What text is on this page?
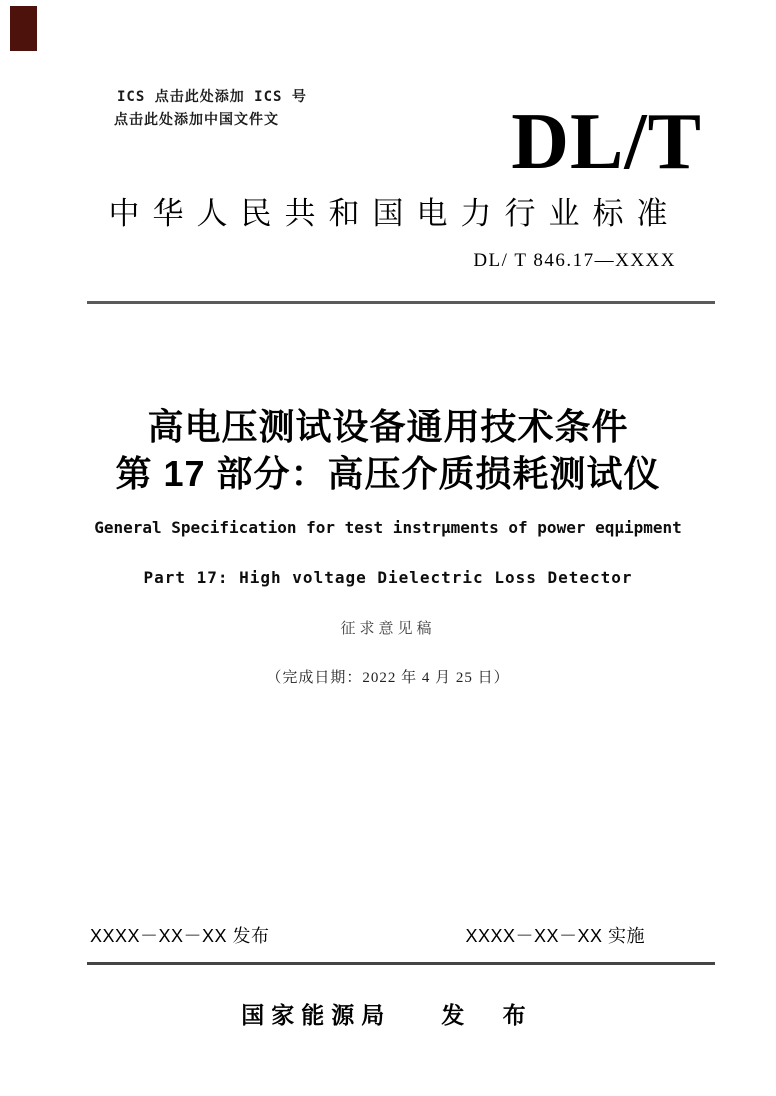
ICS 点击此处添加 ICS 号
点击此处添加中国文件文	DL/T
中华人民共和国电力行业标准
DL/ T 846.17—XXXX
高电压测试设备通用技术条件
第 17 部分：高压介质损耗测试仪
General Specification for test instrμments of power eqμipment
Part 17: High voltage Dielectric Loss Detector
征求意见稿
（完成日期：2022 年 4 月 25 日）
XXXX－XX－XX 发布	XXXX－XX－XX 实施
国家能源局	发 布
